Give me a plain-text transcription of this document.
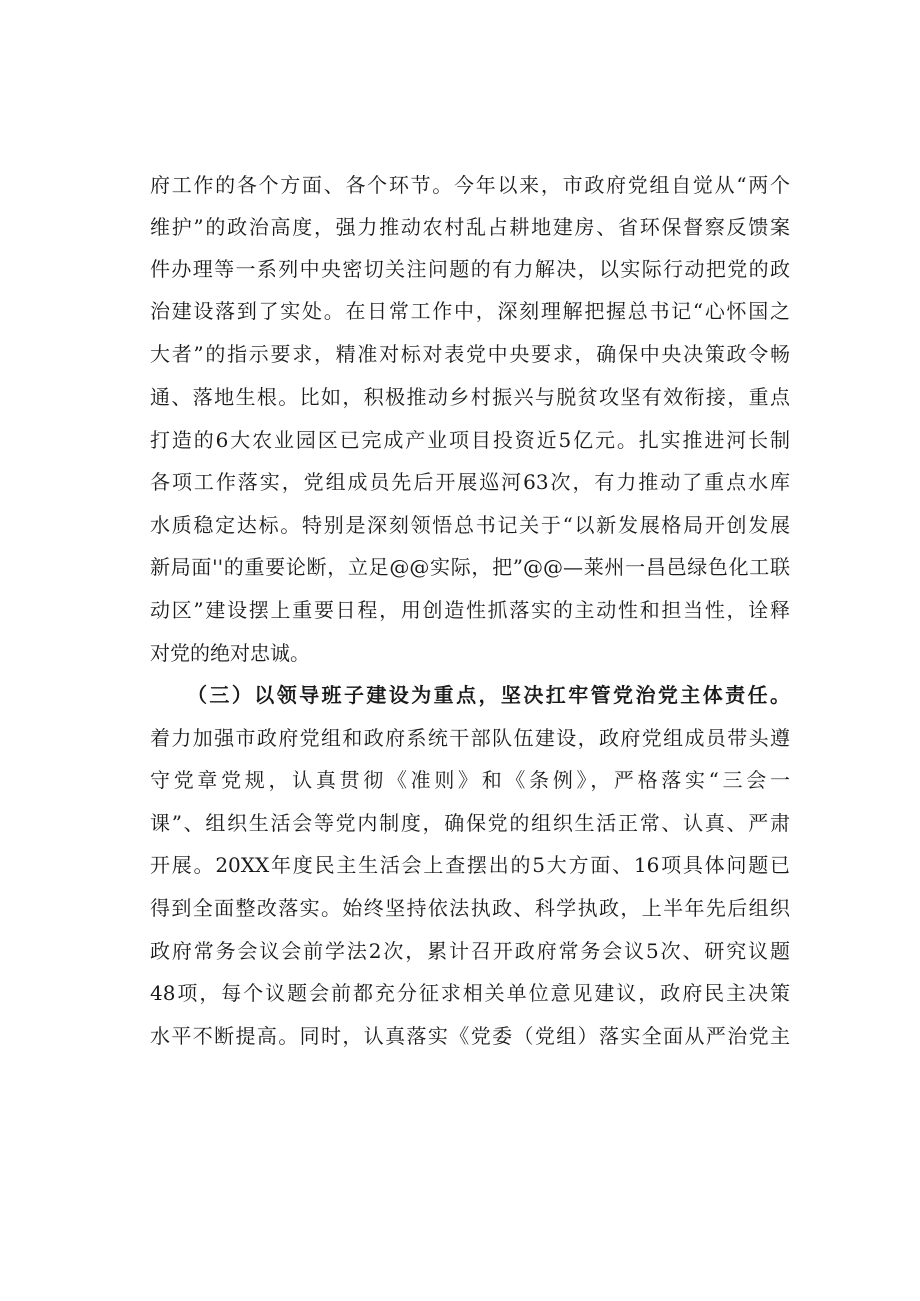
府工作的各个方面、各个环节。今年以来，市政府党组自觉从“两个
维护”的政治高度，强力推动农村乱占耕地建房、省环保督察反馈案
件办理等一系列中央密切关注问题的有力解决，以实际行动把党的政
治建设落到了实处。在日常工作中，深刻理解把握总书记“心怀国之
大者”的指示要求，精准对标对表党中央要求，确保中央决策政令畅
通、落地生根。比如，积极推动乡村振兴与脱贫攻坚有效衔接，重点
打造的6大农业园区已完成产业项目投资近5亿元。扎实推进河长制
各项工作落实，党组成员先后开展巡河63次，有力推动了重点水库
水质稳定达标。特别是深刻领悟总书记关于“以新发展格局开创发展
新局面''的重要论断，立足@@实际，把”@@—莱州一昌邑绿色化工联
动区”建设摆上重要日程，用创造性抓落实的主动性和担当性，诠释
对党的绝对忠诚。
（三）以领导班子建设为重点，坚决扛牢管党治党主体责任。
着力加强市政府党组和政府系统干部队伍建设，政府党组成员带头遵
守党章党规，认真贯彻《准则》和《条例》，严格落实“三会一
课”、组织生活会等党内制度，确保党的组织生活正常、认真、严肃
开展。20XX年度民主生活会上查摆出的5大方面、16项具体问题已
得到全面整改落实。始终坚持依法执政、科学执政，上半年先后组织
政府常务会议会前学法2次，累计召开政府常务会议5次、研究议题
48项，每个议题会前都充分征求相关单位意见建议，政府民主决策
水平不断提高。同时，认真落实《党委（党组）落实全面从严治党主
